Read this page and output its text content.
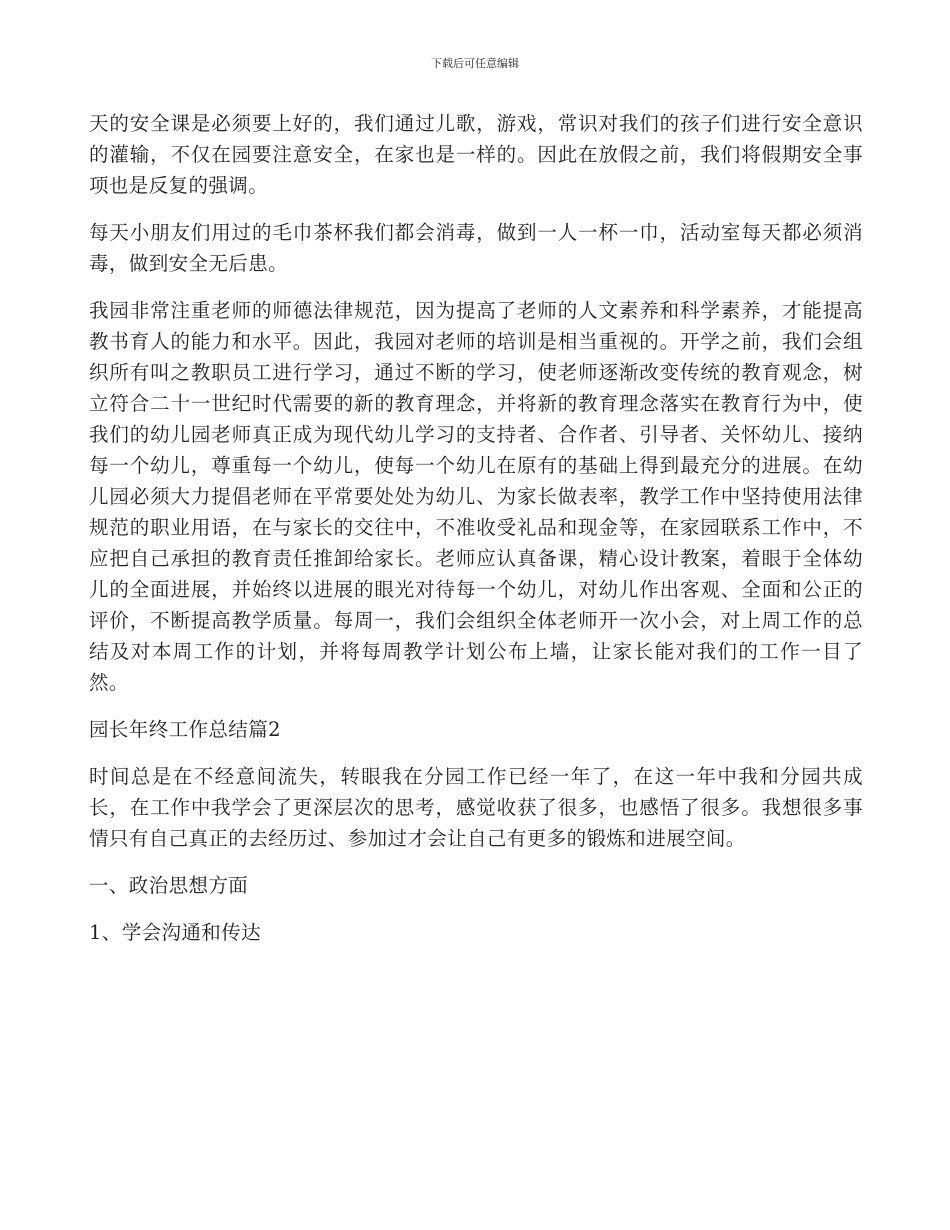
下载后可任意编辑

天的安全课是必须要上好的，我们通过儿歌，游戏，常识对我们的孩子们进行安全意识的灌输，不仅在园要注意安全，在家也是一样的。因此在放假之前，我们将假期安全事项也是反复的强调。

每天小朋友们用过的毛巾茶杯我们都会消毒，做到一人一杯一巾，活动室每天都必须消毒，做到安全无后患。

我园非常注重老师的师德法律规范，因为提高了老师的人文素养和科学素养，才能提高教书育人的能力和水平。因此，我园对老师的培训是相当重视的。开学之前，我们会组织所有叫之教职员工进行学习，通过不断的学习，使老师逐渐改变传统的教育观念，树立符合二十一世纪时代需要的新的教育理念，并将新的教育理念落实在教育行为中，使我们的幼儿园老师真正成为现代幼儿学习的支持者、合作者、引导者、关怀幼儿、接纳每一个幼儿，尊重每一个幼儿，使每一个幼儿在原有的基础上得到最充分的进展。在幼儿园必须大力提倡老师在平常要处处为幼儿、为家长做表率，教学工作中坚持使用法律规范的职业用语，在与家长的交往中，不准收受礼品和现金等，在家园联系工作中，不应把自己承担的教育责任推卸给家长。老师应认真备课，精心设计教案，着眼于全体幼儿的全面进展，并始终以进展的眼光对待每一个幼儿，对幼儿作出客观、全面和公正的评价，不断提高教学质量。每周一，我们会组织全体老师开一次小会，对上周工作的总结及对本周工作的计划，并将每周教学计划公布上墙，让家长能对我们的工作一目了然。

园长年终工作总结篇2

时间总是在不经意间流失，转眼我在分园工作已经一年了，在这一年中我和分园共成长，在工作中我学会了更深层次的思考，感觉收获了很多，也感悟了很多。我想很多事情只有自己真正的去经历过、参加过才会让自己有更多的锻炼和进展空间。

一、政治思想方面

1、学会沟通和传达
